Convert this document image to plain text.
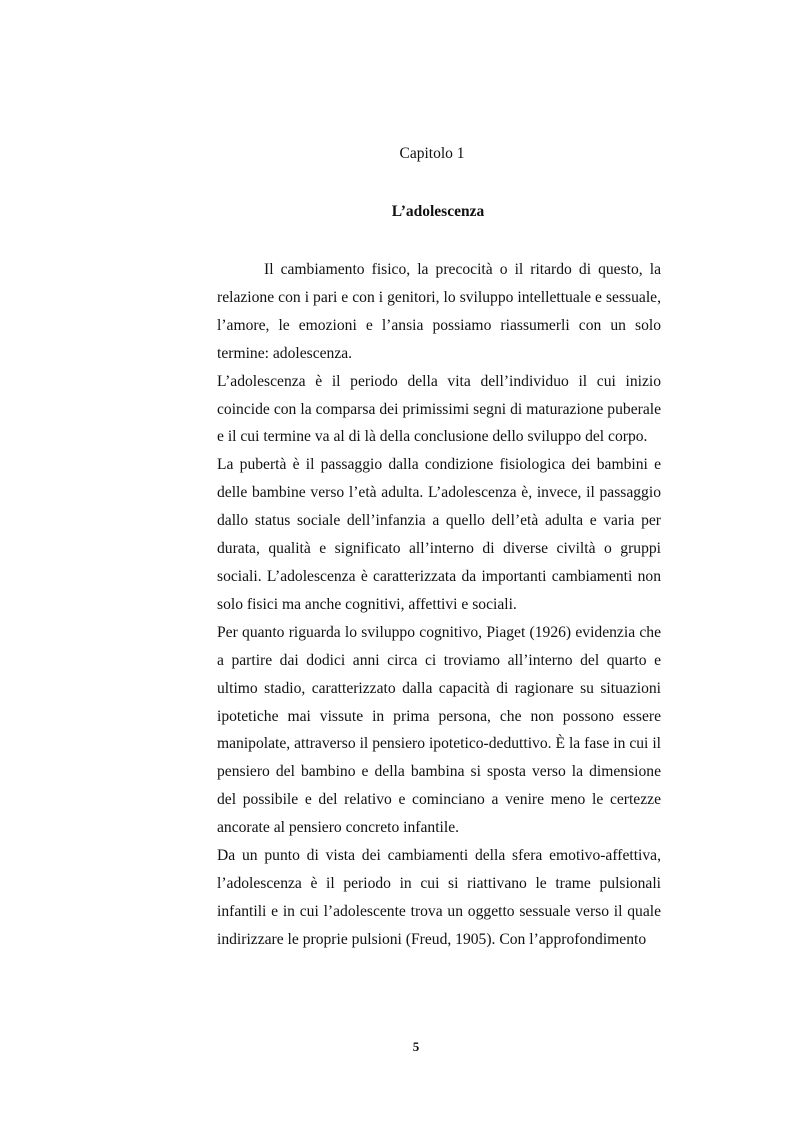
Capitolo 1
L’adolescenza

Il cambiamento fisico, la precocità o il ritardo di questo, la relazione con i pari e con i genitori, lo sviluppo intellettuale e sessuale, l’amore, le emozioni e l’ansia possiamo riassumerli con un solo termine: adolescenza.

L’adolescenza è il periodo della vita dell’individuo il cui inizio coincide con la comparsa dei primissimi segni di maturazione puberale e il cui termine va al di là della conclusione dello sviluppo del corpo.

La pubertà è il passaggio dalla condizione fisiologica dei bambini e delle bambine verso l’età adulta. L’adolescenza è, invece, il passaggio dallo status sociale dell’infanzia a quello dell’età adulta e varia per durata, qualità e significato all’interno di diverse civiltà o gruppi sociali. L’adolescenza è caratterizzata da importanti cambiamenti non solo fisici ma anche cognitivi, affettivi e sociali.

Per quanto riguarda lo sviluppo cognitivo, Piaget (1926) evidenzia che a partire dai dodici anni circa ci troviamo all’interno del quarto e ultimo stadio, caratterizzato dalla capacità di ragionare su situazioni ipotetiche mai vissute in prima persona, che non possono essere manipolate, attraverso il pensiero ipotetico-deduttivo. È la fase in cui il pensiero del bambino e della bambina si sposta verso la dimensione del possibile e del relativo e cominciano a venire meno le certezze ancorate al pensiero concreto infantile.

Da un punto di vista dei cambiamenti della sfera emotivo-affettiva, l’adolescenza è il periodo in cui si riattivano le trame pulsionali infantili e in cui l’adolescente trova un oggetto sessuale verso il quale indirizzare le proprie pulsioni (Freud, 1905). Con l’approfondimento

5
